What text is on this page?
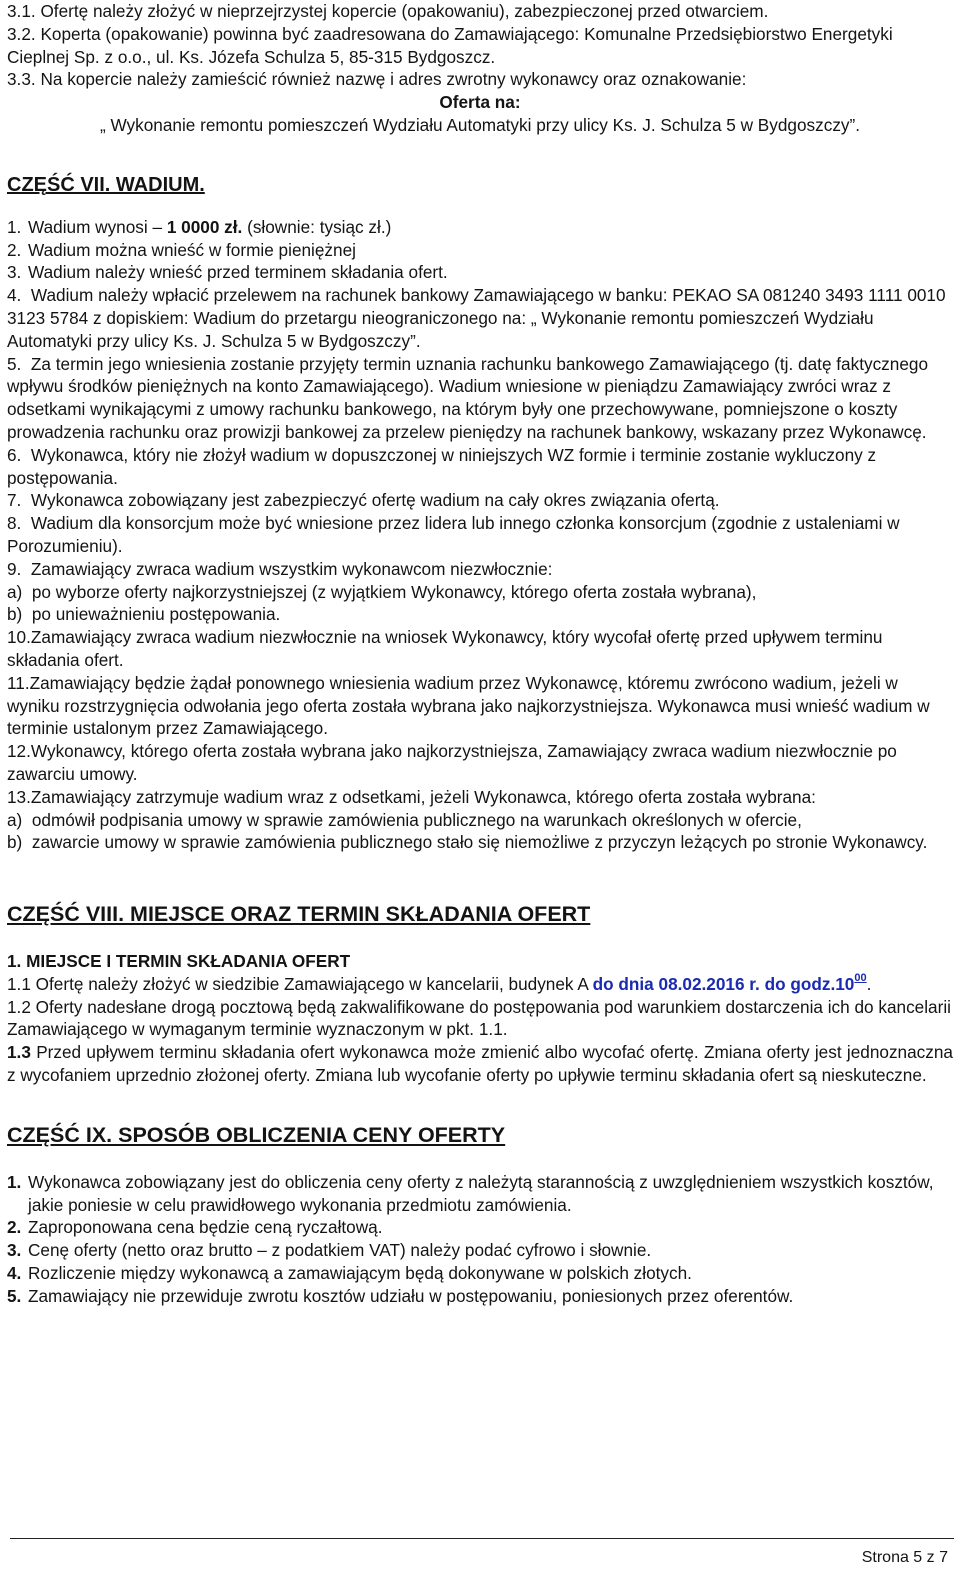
3.1. Ofertę należy złożyć w nieprzejrzystej kopercie (opakowaniu), zabezpieczonej przed otwarciem.

3.2. Koperta (opakowanie) powinna być zaadresowana do Zamawiającego: Komunalne Przedsiębiorstwo Energetyki Cieplnej Sp. z o.o., ul. Ks. Józefa Schulza 5, 85-315 Bydgoszcz.

3.3. Na kopercie należy zamieścić również nazwę i adres zwrotny wykonawcy oraz oznakowanie:

Oferta na:

„ Wykonanie remontu pomieszczeń Wydziału Automatyki przy ulicy Ks. J. Schulza 5 w Bydgoszczy”.

CZĘŚĆ VII. WADIUM.

1. Wadium wynosi – 1 0000 zł. (słownie: tysiąc zł.)
2. Wadium można wnieść w formie pieniężnej
3. Wadium należy wnieść przed terminem składania ofert.

4. Wadium należy wpłacić przelewem na rachunek bankowy Zamawiającego w banku: PEKAO SA 081240 3493 1111 0010 3123 5784 z dopiskiem: Wadium do przetargu nieograniczonego na: „ Wykonanie remontu pomieszczeń Wydziału Automatyki przy ulicy Ks. J. Schulza 5 w Bydgoszczy”.

5. Za termin jego wniesienia zostanie przyjęty termin uznania rachunku bankowego Zamawiającego (tj. datę faktycznego wpływu środków pieniężnych na konto Zamawiającego). Wadium wniesione w pieniądzu Zamawiający zwróci wraz z odsetkami wynikającymi z umowy rachunku bankowego, na którym były one przechowywane, pomniejszone o koszty prowadzenia rachunku oraz prowizji bankowej za przelew pieniędzy na rachunek bankowy, wskazany przez Wykonawcę.

6. Wykonawca, który nie złożył wadium w dopuszczonej w niniejszych WZ formie i terminie zostanie wykluczony z postępowania.

7. Wykonawca zobowiązany jest zabezpieczyć ofertę wadium na cały okres związania ofertą.

8. Wadium dla konsorcjum może być wniesione przez lidera lub innego członka konsorcjum (zgodnie z ustaleniami w Porozumieniu).

9. Zamawiający zwraca wadium wszystkim wykonawcom niezwłocznie:

a) po wyborze oferty najkorzystniejszej (z wyjątkiem Wykonawcy, którego oferta została wybrana),

b) po unieważnieniu postępowania.

10.Zamawiający zwraca wadium niezwłocznie na wniosek Wykonawcy, który wycofał ofertę przed upływem terminu składania ofert.

11.Zamawiający będzie żądał ponownego wniesienia wadium przez Wykonawcę, któremu zwrócono wadium, jeżeli w wyniku rozstrzygnięcia odwołania jego oferta została wybrana jako najkorzystniejsza. Wykonawca musi wnieść wadium w terminie ustalonym przez Zamawiającego.

12.Wykonawcy, którego oferta została wybrana jako najkorzystniejsza, Zamawiający zwraca wadium niezwłocznie po zawarciu umowy.

13.Zamawiający zatrzymuje wadium wraz z odsetkami, jeżeli Wykonawca, którego oferta została wybrana:

a) odmówił podpisania umowy w sprawie zamówienia publicznego na warunkach określonych w ofercie,

b) zawarcie umowy w sprawie zamówienia publicznego stało się niemożliwe z przyczyn leżących po stronie Wykonawcy.

CZĘŚĆ VIII. MIEJSCE ORAZ TERMIN SKŁADANIA OFERT

1. MIEJSCE I TERMIN SKŁADANIA OFERT

1.1 Ofertę należy złożyć w siedzibie Zamawiającego w kancelarii, budynek A do dnia 08.02.2016 r. do $godz.10^{00}$.

1.2 Oferty nadesłane drogą pocztową będą zakwalifikowane do postępowania pod warunkiem dostarczenia ich do kancelarii Zamawiającego w wymaganym terminie wyznaczonym w pkt. 1.1.

1.3 Przed upływem terminu składania ofert wykonawca może zmienić albo wycofać ofertę. Zmiana oferty jest jednoznaczna z wycofaniem uprzednio złożonej oferty. Zmiana lub wycofanie oferty po upływie terminu składania ofert są nieskuteczne.

CZĘŚĆ IX. SPOSÓB OBLICZENIA CENY OFERTY

1. Wykonawca zobowiązany jest do obliczenia ceny oferty z należytą starannością z uwzględnieniem wszystkich kosztów, jakie poniesie w celu prawidłowego wykonania przedmiotu zamówienia.
2. Zaproponowana cena będzie ceną ryczałtową.
3. Cenę oferty (netto oraz brutto – z podatkiem VAT) należy podać cyfrowo i słownie.
4. Rozliczenie między wykonawcą a zamawiającym będą dokonywane w polskich złotych.
5. Zamawiający nie przewiduje zwrotu kosztów udziału w postępowaniu, poniesionych przez oferentów.
Strona 5 z 7
